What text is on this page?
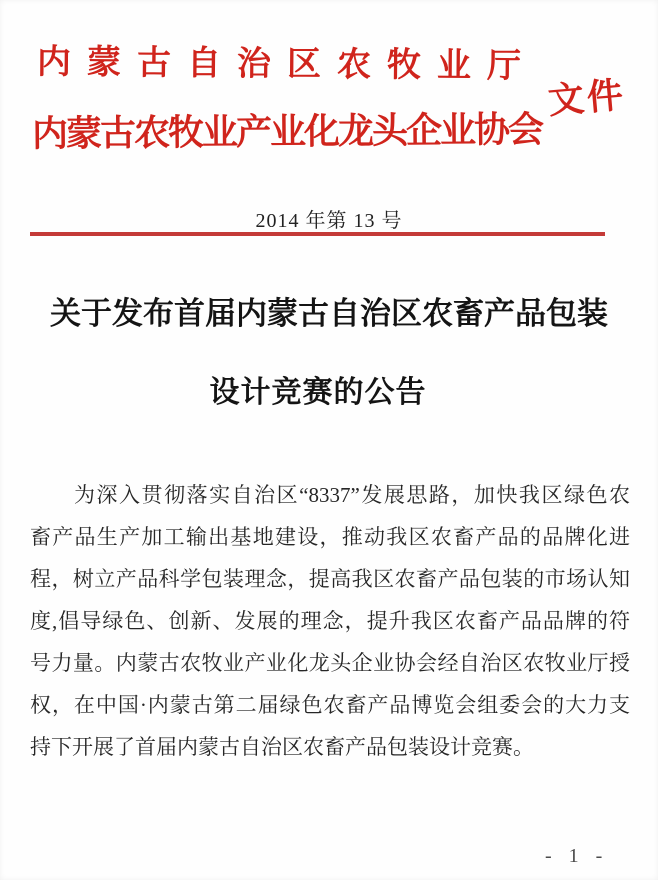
内蒙古自治区农牧业厅
文件
内蒙古农牧业产业化龙头企业协会
2014 年第 13 号
关于发布首届内蒙古自治区农畜产品包装
设计竞赛的公告
为深入贯彻落实自治区“8337”发展思路，加快我区绿色农
畜产品生产加工输出基地建设，推动我区农畜产品的品牌化进
程，树立产品科学包装理念，提高我区农畜产品包装的市场认知
度,倡导绿色、创新、发展的理念，提升我区农畜产品品牌的符
号力量。内蒙古农牧业产业化龙头企业协会经自治区农牧业厅授
权，在中国·内蒙古第二届绿色农畜产品博览会组委会的大力支
持下开展了首届内蒙古自治区农畜产品包装设计竞赛。
- 1 -
